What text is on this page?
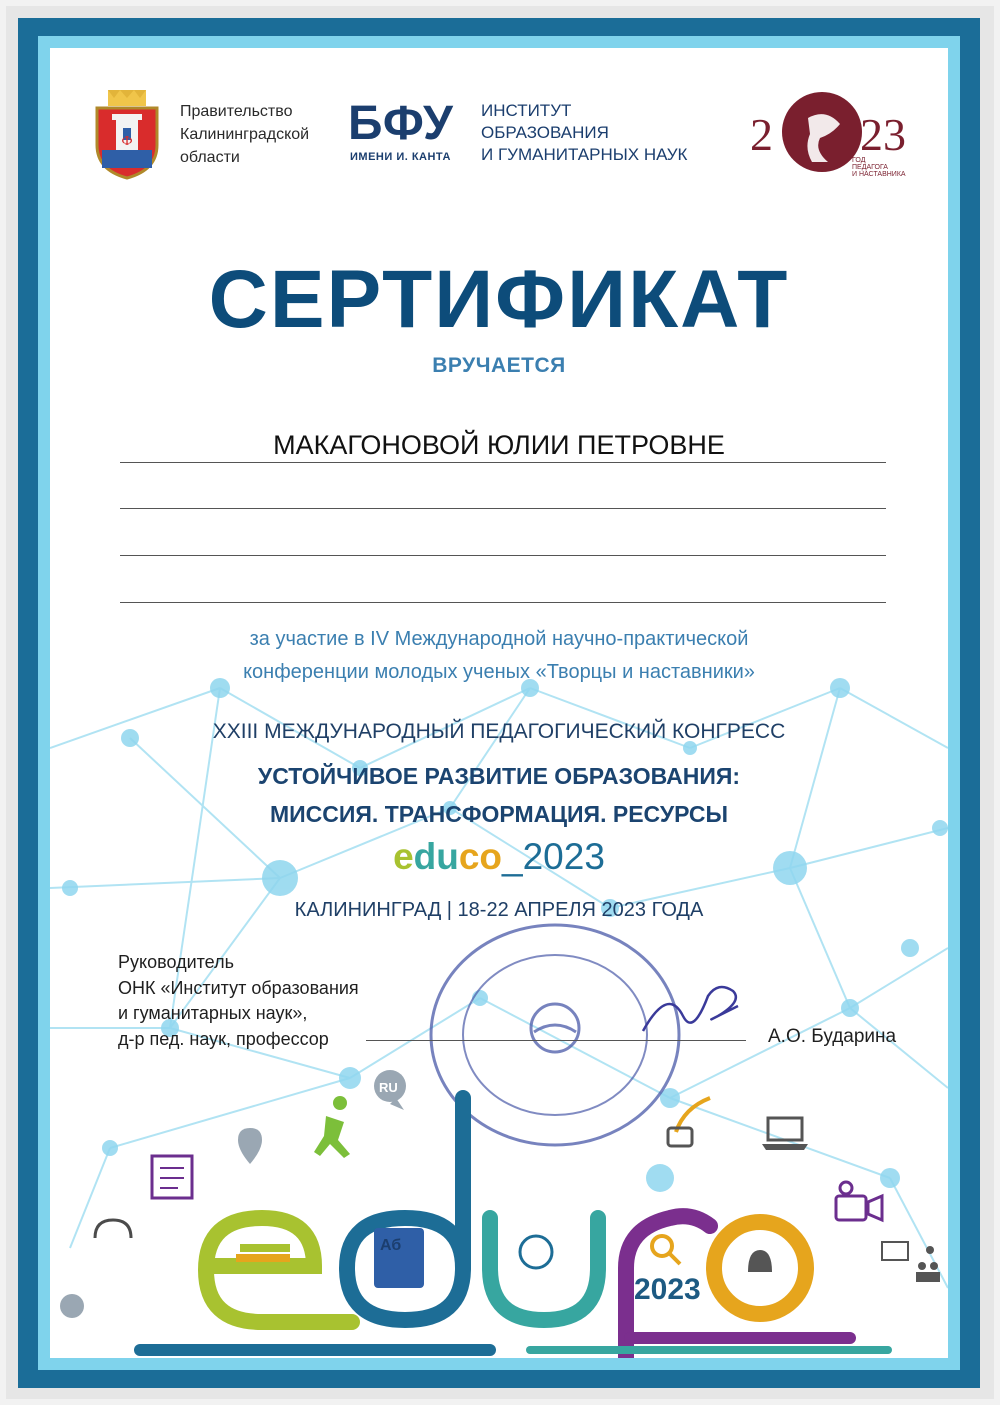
Ф
Правительство
Калининградской
области
БФУ
ИМЕНИ И. КАНТА
ИНСТИТУТ
ОБРАЗОВАНИЯ
И ГУМАНИТАРНЫХ НАУК 2 23
ГОД
ПЕДАГОГА
И НАСТАВНИКА
СЕРТИФИКАТ
ВРУЧАЕТСЯ
МАКАГОНОВОЙ ЮЛИИ ПЕТРОВНЕ
за участие в IV Международной научно-практической
конференции молодых ученых «Творцы и наставники»
XXIII МЕЖДУНАРОДНЫЙ ПЕДАГОГИЧЕСКИЙ КОНГРЕСС
УСТОЙЧИВОЕ РАЗВИТИЕ ОБРАЗОВАНИЯ:
МИССИЯ. ТРАНСФОРМАЦИЯ. РЕСУРСЫ
educo_2023
КАЛИНИНГРАД | 18-22 АПРЕЛЯ 2023 ГОДА
Руководитель
ОНК «Институт образования
и гуманитарных наук»,
д-р пед. наук, профессор	А.О. Бударина
RU
Аб
2023
